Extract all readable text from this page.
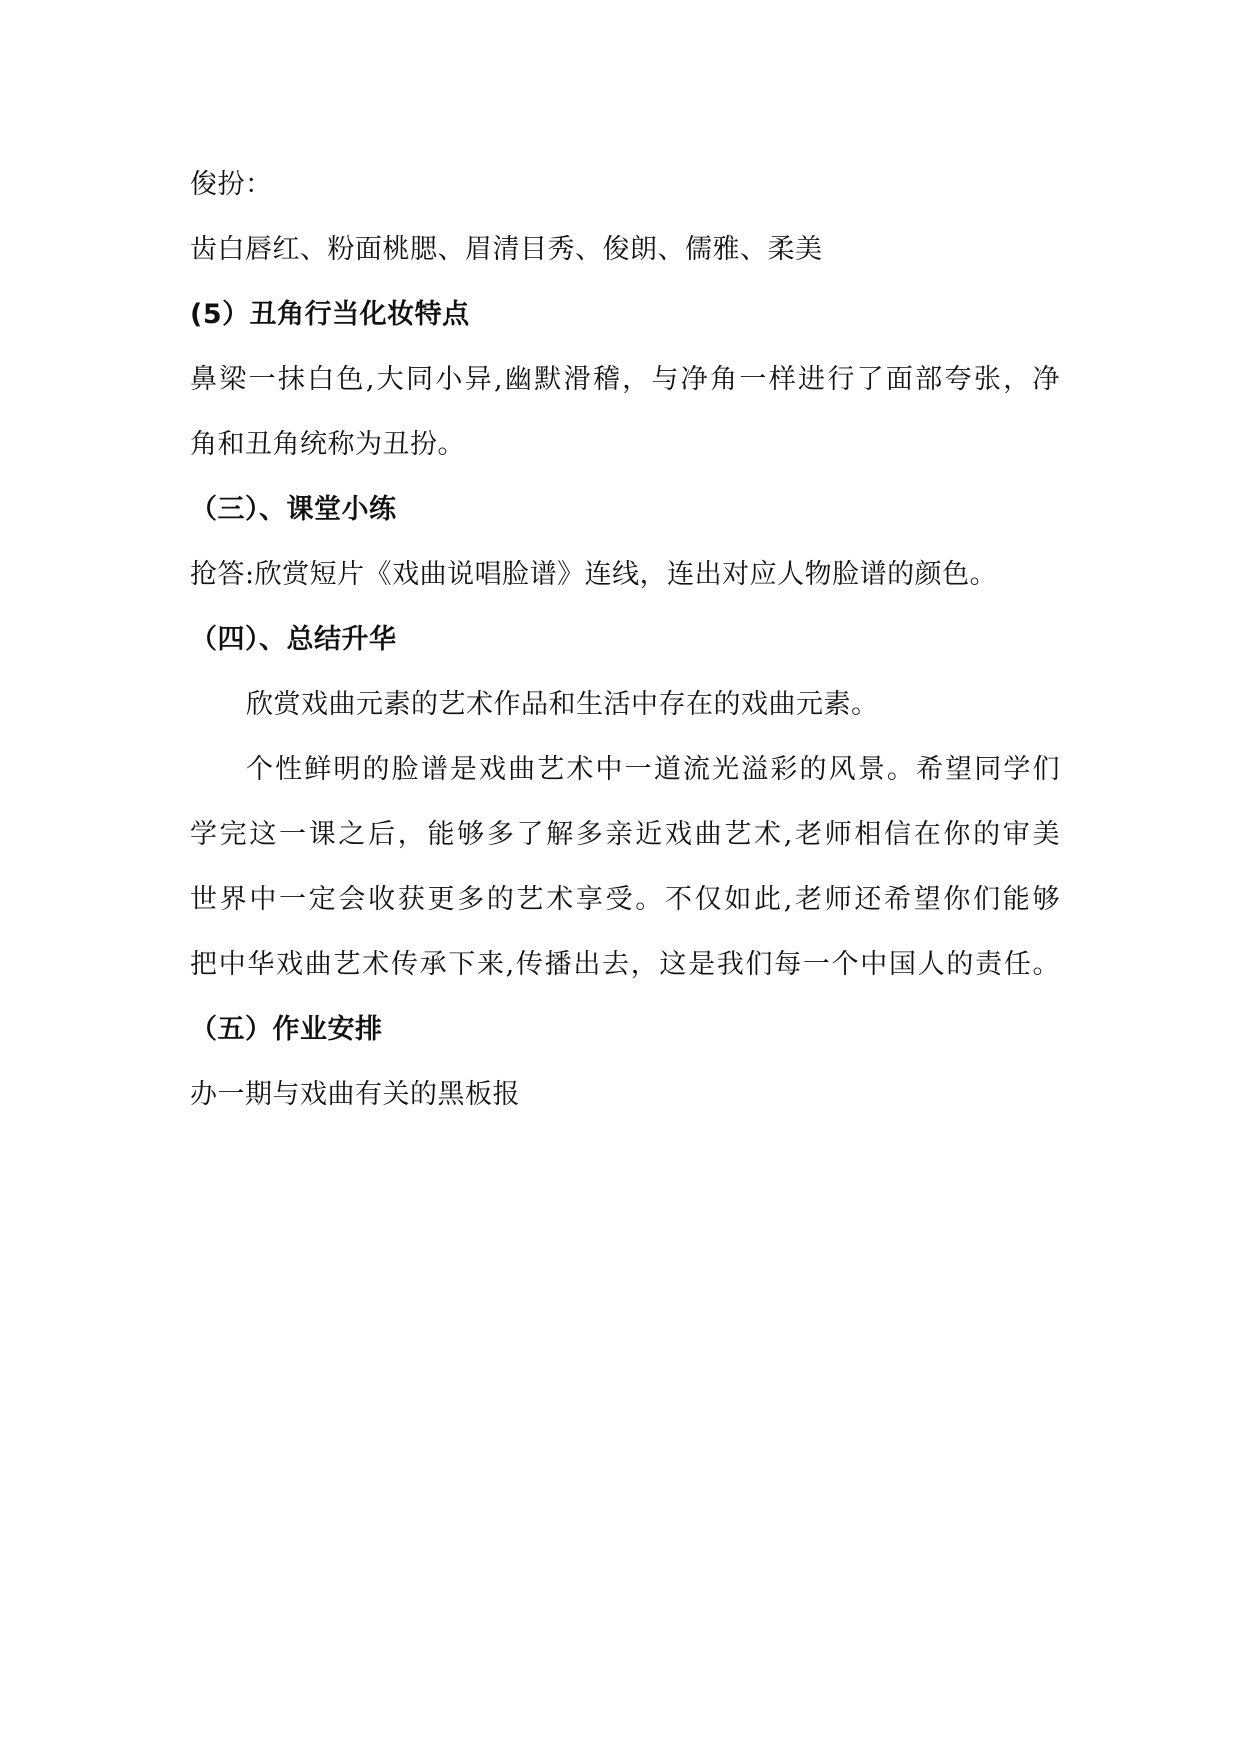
俊扮：
齿白唇红、粉面桃腮、眉清目秀、俊朗、儒雅、柔美
(5）丑角行当化妆特点
鼻梁一抹白色,大同小异,幽默滑稽，与净角一样进行了面部夸张，净
角和丑角统称为丑扮。
（三）、课堂小练
抢答:欣赏短片《戏曲说唱脸谱》连线，连出对应人物脸谱的颜色。
（四）、总结升华
欣赏戏曲元素的艺术作品和生活中存在的戏曲元素。
个性鲜明的脸谱是戏曲艺术中一道流光溢彩的风景。希望同学们
学完这一课之后，能够多了解多亲近戏曲艺术,老师相信在你的审美
世界中一定会收获更多的艺术享受。不仅如此,老师还希望你们能够
把中华戏曲艺术传承下来,传播出去，这是我们每一个中国人的责任。
（五）作业安排
办一期与戏曲有关的黑板报
